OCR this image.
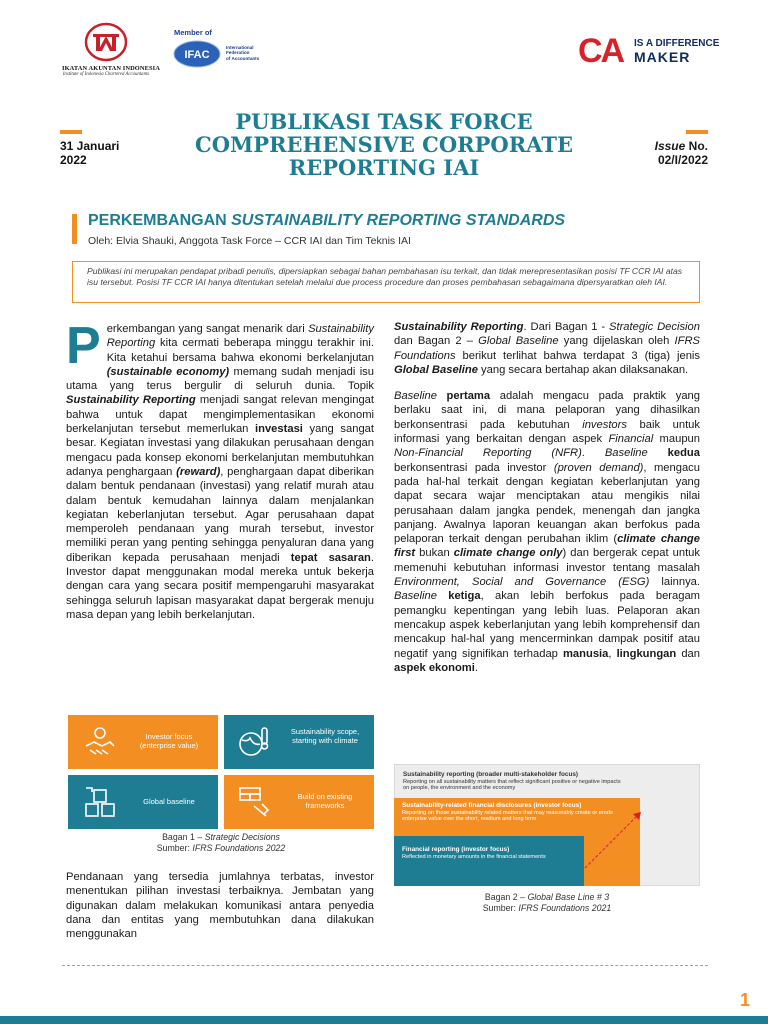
IKATAN AKUNTAN INDONESIA
Institute of Indonesia Chartered Accountants
Member of
IFAC
International
Federation
of Accountants	CA IS A DIFFERENCE
MAKER
31 Januari
2022
PUBLIKASI TASK FORCE COMPREHENSIVE CORPORATE REPORTING IAI
Issue No.
02/I/2022
PERKEMBANGAN SUSTAINABILITY REPORTING STANDARDS
Oleh: Elvia Shauki, Anggota Task Force – CCR IAI dan Tim Teknis IAI
Publikasi ini merupakan pendapat pribadi penulis, dipersiapkan sebagai bahan pembahasan isu terkait, dan tidak merepresentasikan posisi TF CCR IAI atas isu tersebut. Posisi TF CCR IAI hanya ditentukan setelah melalui due process procedure dan proses pembahasan sebagaimana dipersyaratkan oleh IAI.
Perkembangan yang sangat menarik dari Sustainability Reporting kita cermati beberapa minggu terakhir ini. Kita ketahui bersama bahwa ekonomi berkelanjutan (sustainable economy) memang sudah menjadi isu utama yang terus bergulir di seluruh dunia. Topik Sustainability Reporting menjadi sangat relevan mengingat bahwa untuk dapat mengimplementasikan ekonomi berkelanjutan tersebut memerlukan investasi yang sangat besar. Kegiatan investasi yang dilakukan perusahaan dengan mengacu pada konsep ekonomi berkelanjutan membutuhkan adanya penghargaan (reward), penghargaan dapat diberikan dalam bentuk pendanaan (investasi) yang relatif murah atau dalam bentuk kemudahan lainnya dalam menjalankan kegiatan keberlanjutan tersebut. Agar perusahaan dapat memperoleh pendanaan yang murah tersebut, investor memiliki peran yang penting sehingga penyaluran dana yang diberikan kepada perusahaan menjadi tepat sasaran. Investor dapat menggunakan modal mereka untuk bekerja dengan cara yang secara positif mempengaruhi masyarakat sehingga seluruh lapisan masyarakat dapat bergerak menuju masa depan yang lebih berkelanjutan.
Investor focus (enterprise value)
Sustainability scope, starting with climate
Global baseline
Build on existing frameworks
Bagan 1 – Strategic Decisions
Sumber: IFRS Foundations 2022
Pendanaan yang tersedia jumlahnya terbatas, investor menentukan pilihan investasi terbaiknya. Jembatan yang digunakan dalam melakukan komunikasi antara penyedia dana dan entitas yang membutuhkan dana dilakukan menggunakan

Sustainability Reporting. Dari Bagan 1 - Strategic Decision dan Bagan 2 – Global Baseline yang dijelaskan oleh IFRS Foundations berikut terlihat bahwa terdapat 3 (tiga) jenis Global Baseline yang secara bertahap akan dilaksanakan.

Baseline pertama adalah mengacu pada praktik yang berlaku saat ini, di mana pelaporan yang dihasilkan berkonsentrasi pada kebutuhan investors baik untuk informasi yang berkaitan dengan aspek Financial maupun Non-Financial Reporting (NFR). Baseline kedua berkonsentrasi pada investor (proven demand), mengacu pada hal-hal terkait dengan kegiatan keberlanjutan yang dapat secara wajar menciptakan atau mengikis nilai perusahaan dalam jangka pendek, menengah dan jangka panjang. Awalnya laporan keuangan akan berfokus pada pelaporan terkait dengan perubahan iklim (climate change first bukan climate change only) dan bergerak cepat untuk memenuhi kebutuhan informasi investor tentang masalah Environment, Social and Governance (ESG) lainnya. Baseline ketiga, akan lebih berfokus pada beragam pemangku kepentingan yang lebih luas. Pelaporan akan mencakup aspek keberlanjutan yang lebih komprehensif dan mencakup hal-hal yang mencerminkan dampak positif atau negatif yang signifikan terhadap manusia, lingkungan dan aspek ekonomi.

Sustainability reporting (broader multi-stakeholder focus)
Reporting on all sustainability matters that reflect significant positive or negative impacts on people, the environment and the economy
Sustainability-related financial disclosures (investor focus)
Reporting on those sustainability related matters that may reasonably create or erode enterprise value over the short, medium and long term
Financial reporting (investor focus)
Reflected in monetary amounts in the financial statements
Bagan 2 – Global Base Line # 3
Sumber: IFRS Foundations 2021
1
